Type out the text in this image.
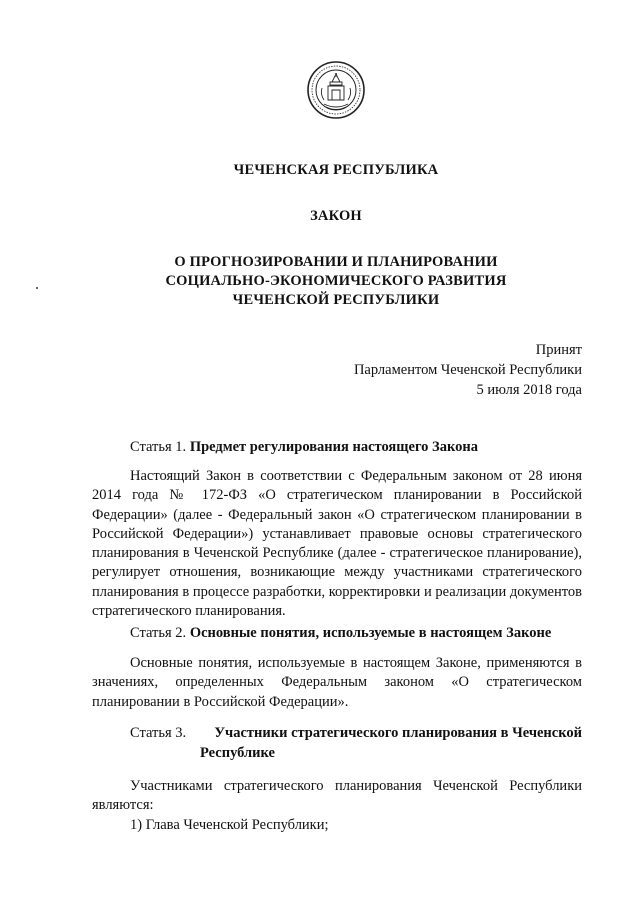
3
ЧЕЧЕНСКАЯ РЕСПУБЛИКА
ЗАКОН
О ПРОГНОЗИРОВАНИИ И ПЛАНИРОВАНИИ
СОЦИАЛЬНО-ЭКОНОМИЧЕСКОГО РАЗВИТИЯ
ЧЕЧЕНСКОЙ РЕСПУБЛИКИ
Принят
Парламентом Чеченской Республики
5 июля 2018 года
Статья 1. Предмет регулирования настоящего Закона

Настоящий Закон в соответствии с Федеральным законом от 28 июня 2014 года № 172-ФЗ «О стратегическом планировании в Российской Федерации» (далее - Федеральный закон «О стратегическом планировании в Российской Федерации») устанавливает правовые основы стратегического планирования в Чеченской Республике (далее - стратегическое планирование), регулирует отношения, возникающие между участниками стратегического планирования в процессе разработки, корректировки и реализации документов стратегического планирования.

Статья 2. Основные понятия, используемые в настоящем Законе

Основные понятия, используемые в настоящем Законе, применяются в значениях, определенных Федеральным законом «О стратегическом планировании в Российской Федерации».

Статья 3. Участники стратегического планирования в Чеченской
Республике

Участниками стратегического планирования Чеченской Республики являются:

1) Глава Чеченской Республики;
